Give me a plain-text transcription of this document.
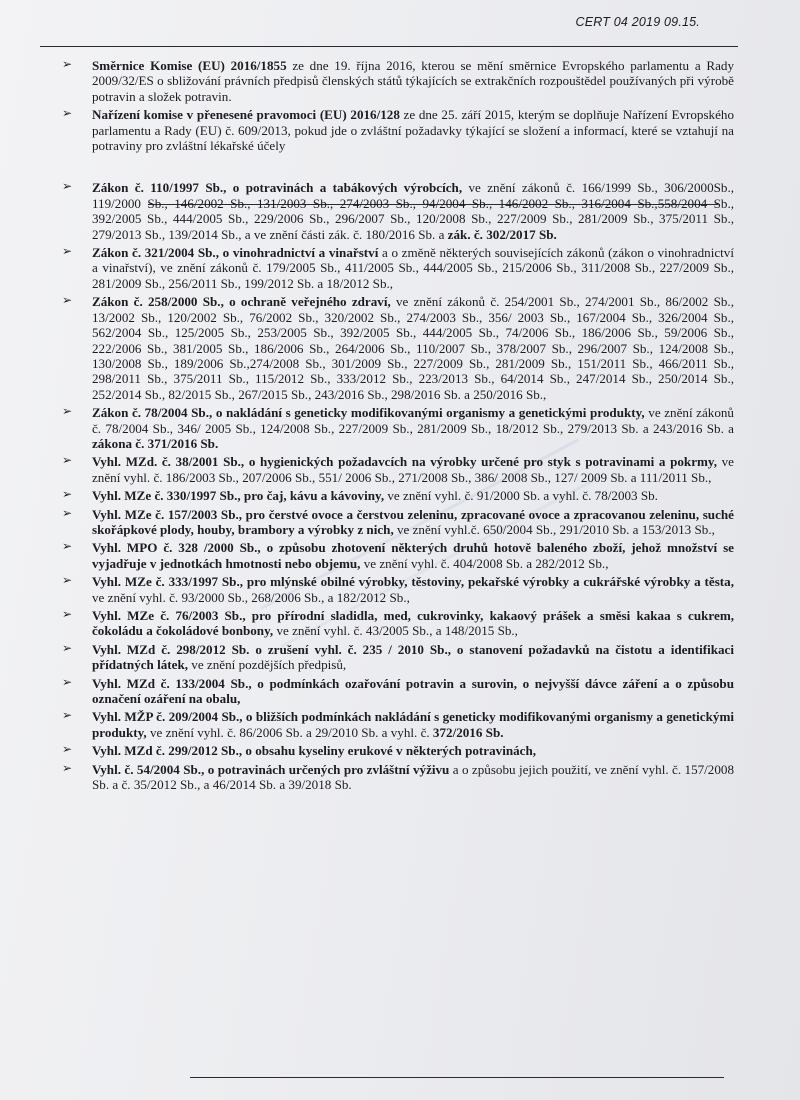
CERT 04 2019 09.15.
➢ Směrnice Komise (EU) 2016/1855 ze dne 19. října 2016, kterou se mění směrnice Evropského parlamentu a Rady 2009/32/ES o sbližování právních předpisů členských států týkajících se extrakčních rozpouštědel používaných při výrobě potravin a složek potravin.
➢ Nařízení komise v přenesené pravomoci (EU) 2016/128 ze dne 25. září 2015, kterým se doplňuje Nařízení Evropského parlamentu a Rady (EU) č. 609/2013, pokud jde o zvláštní požadavky týkající se složení a informací, které se vztahují na potraviny pro zvláštní lékařské účely
➢ Zákon č. 110/1997 Sb., o potravinách a tabákových výrobcích, ve znění zákonů č. 166/1999 Sb., 306/2000Sb., 119/2000 Sb., 146/2002 Sb., 131/2003 Sb., 274/2003 Sb., 94/2004 Sb., 146/2002 Sb., 316/2004 Sb.,558/2004 Sb., 392/2005 Sb., 444/2005 Sb., 229/2006 Sb., 296/2007 Sb., 120/2008 Sb., 227/2009 Sb., 281/2009 Sb., 375/2011 Sb., 279/2013 Sb., 139/2014 Sb., a ve znění části zák. č. 180/2016 Sb. a zák. č. 302/2017 Sb.
➢ Zákon č. 321/2004 Sb., o vinohradnictví a vinařství a o změně některých souvisejících zákonů (zákon o vinohradnictví a vinařství), ve znění zákonů č. 179/2005 Sb., 411/2005 Sb., 444/2005 Sb., 215/2006 Sb., 311/2008 Sb., 227/2009 Sb., 281/2009 Sb., 256/2011 Sb., 199/2012 Sb. a 18/2012 Sb.,
➢ Zákon č. 258/2000 Sb., o ochraně veřejného zdraví, ve znění zákonů č. 254/2001 Sb., 274/2001 Sb., 86/2002 Sb., 13/2002 Sb., 120/2002 Sb., 76/2002 Sb., 320/2002 Sb., 274/2003 Sb., 356/ 2003 Sb., 167/2004 Sb., 326/2004 Sb., 562/2004 Sb., 125/2005 Sb., 253/2005 Sb., 392/2005 Sb., 444/2005 Sb., 74/2006 Sb., 186/2006 Sb., 59/2006 Sb., 222/2006 Sb., 381/2005 Sb., 186/2006 Sb., 264/2006 Sb., 110/2007 Sb., 378/2007 Sb., 296/2007 Sb., 124/2008 Sb., 130/2008 Sb., 189/2006 Sb.,274/2008 Sb., 301/2009 Sb., 227/2009 Sb., 281/2009 Sb., 151/2011 Sb., 466/2011 Sb., 298/2011 Sb., 375/2011 Sb., 115/2012 Sb., 333/2012 Sb., 223/2013 Sb., 64/2014 Sb., 247/2014 Sb., 250/2014 Sb., 252/2014 Sb., 82/2015 Sb., 267/2015 Sb., 243/2016 Sb., 298/2016 Sb. a 250/2016 Sb.,
➢ Zákon č. 78/2004 Sb., o nakládání s geneticky modifikovanými organismy a genetickými produkty, ve znění zákonů č. 78/2004 Sb., 346/ 2005 Sb., 124/2008 Sb., 227/2009 Sb., 281/2009 Sb., 18/2012 Sb., 279/2013 Sb. a 243/2016 Sb. a zákona č. 371/2016 Sb.
➢ Vyhl. MZd. č. 38/2001 Sb., o hygienických požadavcích na výrobky určené pro styk s potravinami a pokrmy, ve znění vyhl. č. 186/2003 Sb., 207/2006 Sb., 551/ 2006 Sb., 271/2008 Sb., 386/ 2008 Sb., 127/ 2009 Sb. a 111/2011 Sb.,
➢ Vyhl. MZe č. 330/1997 Sb., pro čaj, kávu a kávoviny, ve znění vyhl. č. 91/2000 Sb. a vyhl. č. 78/2003 Sb.
➢ Vyhl. MZe č. 157/2003 Sb., pro čerstvé ovoce a čerstvou zeleninu, zpracované ovoce a zpracovanou zeleninu, suché skořápkové plody, houby, brambory a výrobky z nich, ve znění vyhl.č. 650/2004 Sb., 291/2010 Sb. a 153/2013 Sb.,
➢ Vyhl. MPO č. 328 /2000 Sb., o způsobu zhotovení některých druhů hotově baleného zboží, jehož množství se vyjadřuje v jednotkách hmotnosti nebo objemu, ve znění vyhl. č. 404/2008 Sb. a 282/2012 Sb.,
➢ Vyhl. MZe č. 333/1997 Sb., pro mlýnské obilné výrobky, těstoviny, pekařské výrobky a cukrářské výrobky a těsta, ve znění vyhl. č. 93/2000 Sb., 268/2006 Sb., a 182/2012 Sb.,
➢ Vyhl. MZe č. 76/2003 Sb., pro přírodní sladidla, med, cukrovinky, kakaový prášek a směsi kakaa s cukrem, čokoládu a čokoládové bonbony, ve znění vyhl. č. 43/2005 Sb., a 148/2015 Sb.,
➢ Vyhl. MZd č. 298/2012 Sb. o zrušení vyhl. č. 235 / 2010 Sb., o stanovení požadavků na čistotu a identifikaci přídatných látek, ve znění pozdějších předpisů,
➢ Vyhl. MZd č. 133/2004 Sb., o podmínkách ozařování potravin a surovin, o nejvyšší dávce záření a o způsobu označení ozáření na obalu,
➢ Vyhl. MŽP č. 209/2004 Sb., o bližších podmínkách nakládání s geneticky modifikovanými organismy a genetickými produkty, ve znění vyhl. č. 86/2006 Sb. a 29/2010 Sb. a vyhl. č. 372/2016 Sb.
➢ Vyhl. MZd č. 299/2012 Sb., o obsahu kyseliny erukové v některých potravinách,
➢ Vyhl. č. 54/2004 Sb., o potravinách určených pro zvláštní výživu a o způsobu jejich použití, ve znění vyhl. č. 157/2008 Sb. a č. 35/2012 Sb., a 46/2014 Sb. a 39/2018 Sb.
